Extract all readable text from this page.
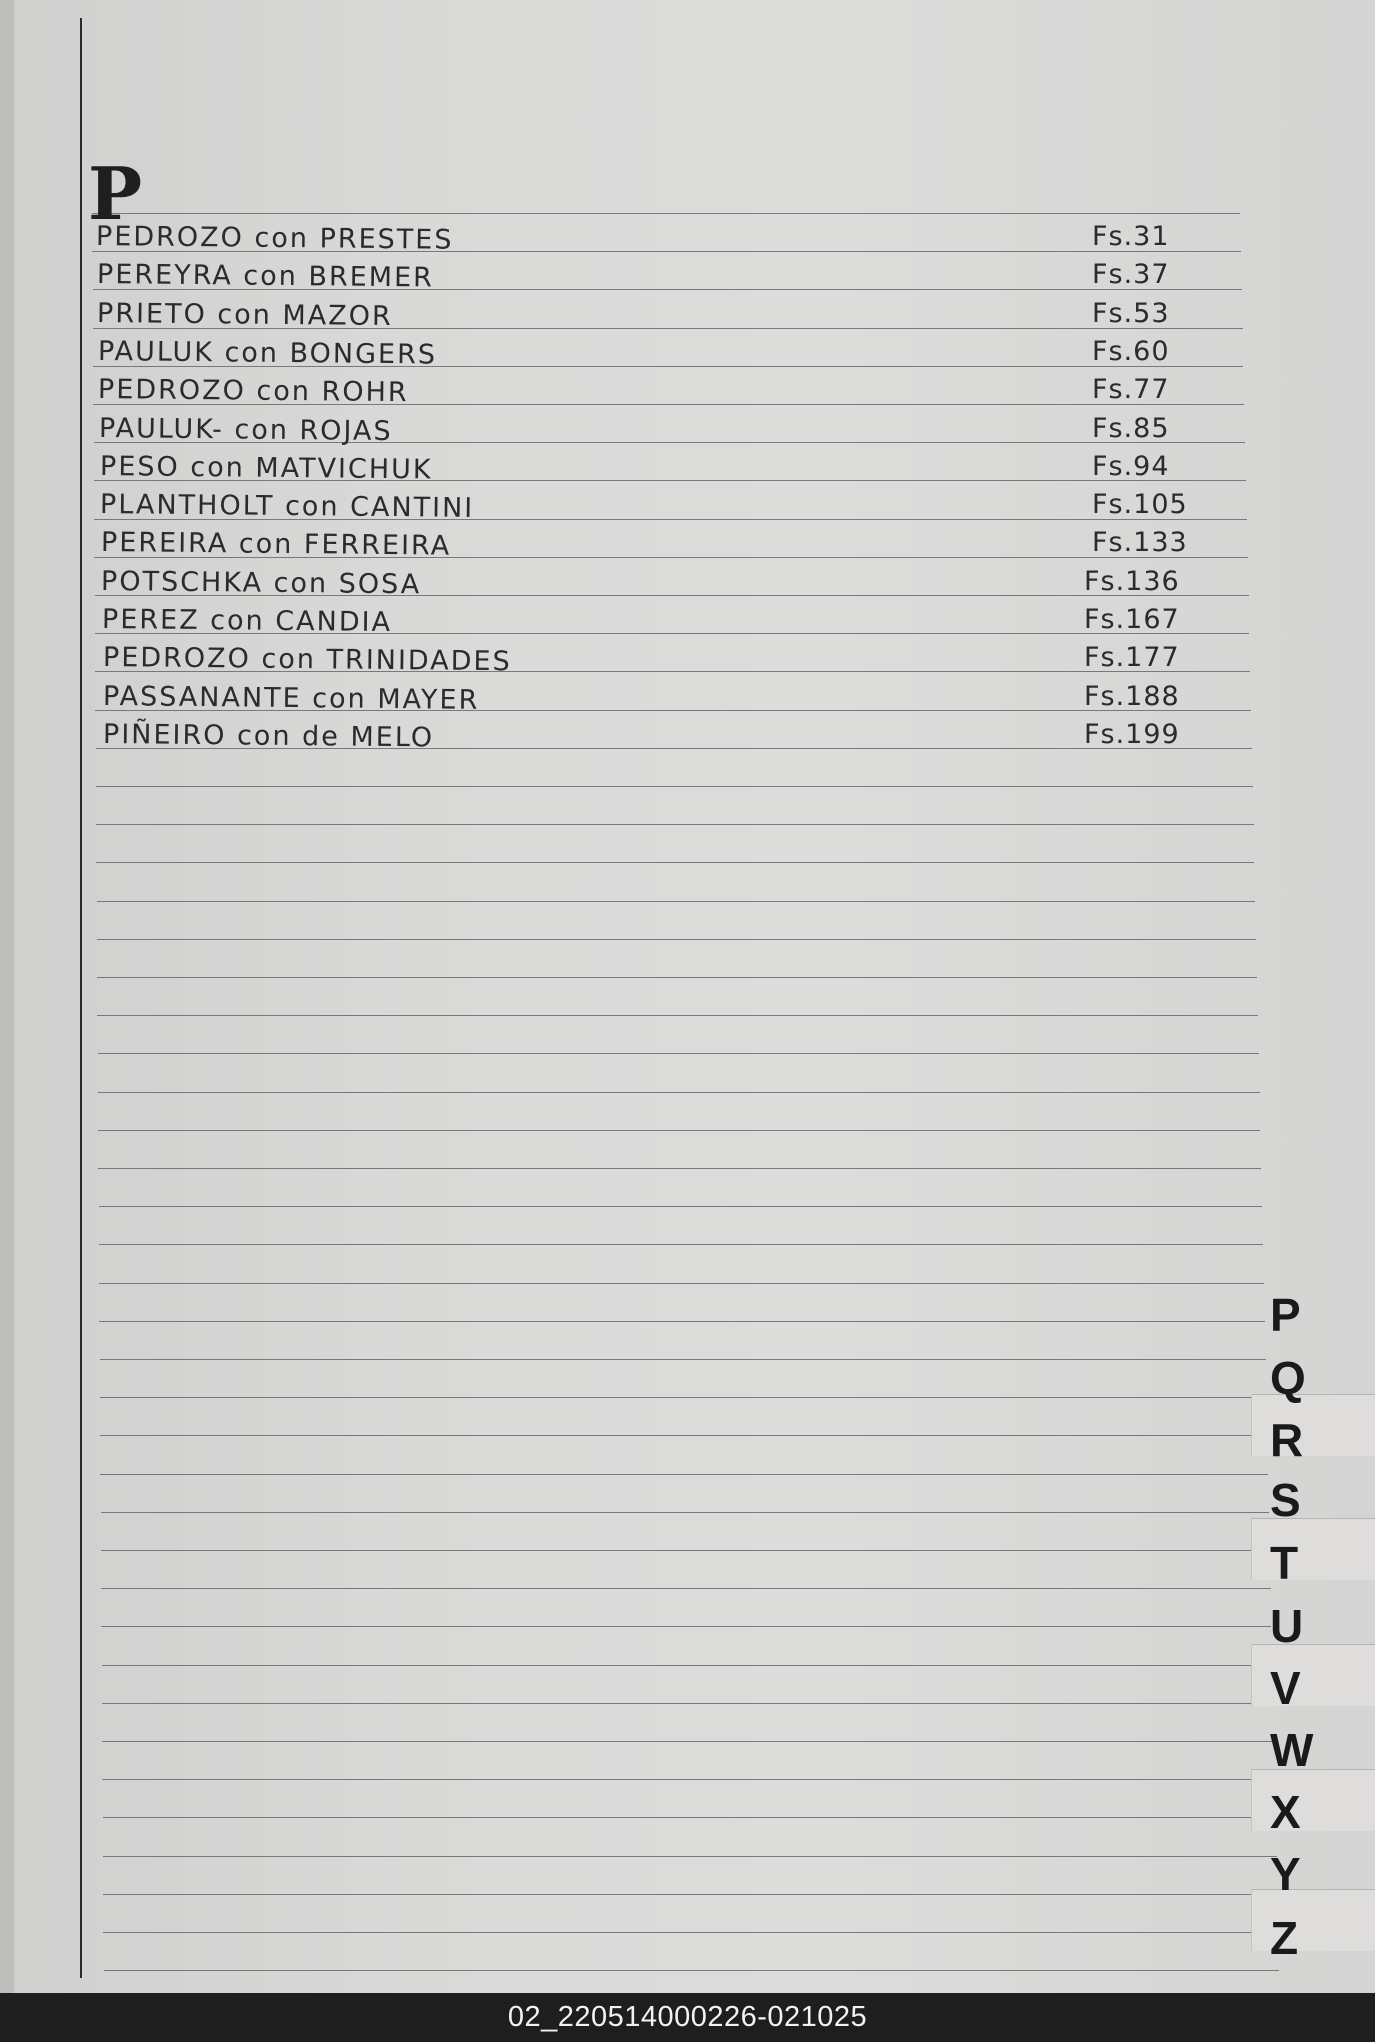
P
PEDROZO con PRESTES	Fs.31
PEREYRA con BREMER	Fs.37
PRIETO con MAZOR	Fs.53
PAULUK con BONGERS	Fs.60
PEDROZO con ROHR	Fs.77
PAULUK- con ROJAS	Fs.85
PESO con MATVICHUK	Fs.94
PLANTHOLT con CANTINI	Fs.105
PEREIRA con FERREIRA	Fs.133
POTSCHKA con SOSA	Fs.136
PEREZ con CANDIA	Fs.167
PEDROZO con TRINIDADES	Fs.177
PASSANANTE con MAYER	Fs.188
PIÑEIRO con de MELO	Fs.199
P
Q
R
S
T
U
V
W
X
Y
Z
02_220514000226-021025
